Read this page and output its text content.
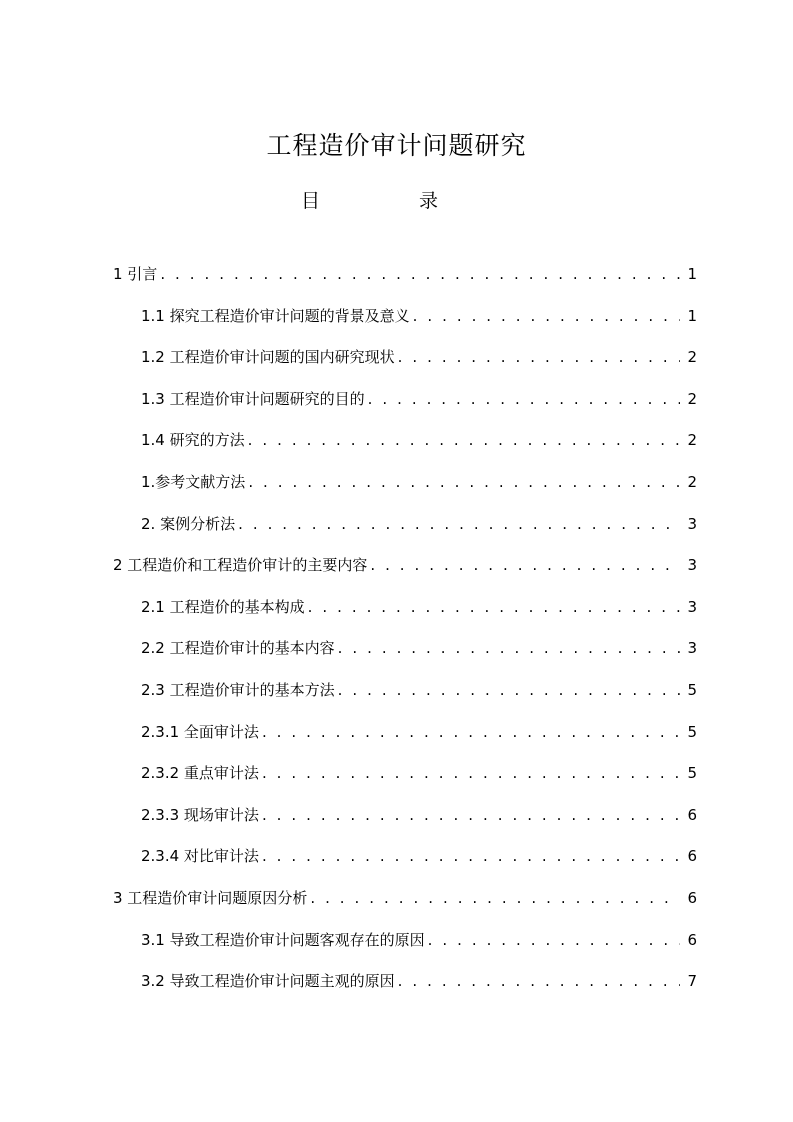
工程造价审计问题研究
目	录
1 引言 . . .	1
1.1 探究工程造价审计问题的背景及意义 . . .	1
1.2 工程造价审计问题的国内研究现状 . . .	2
1.3 工程造价审计问题研究的目的 . . .	2
1.4 研究的方法 . . .	2
1.参考文献方法 . . .	2
2. 案例分析法 . . .	3
2 工程造价和工程造价审计的主要内容 . . .	3
2.1 工程造价的基本构成 . . .	3
2.2 工程造价审计的基本内容 . . .	3
2.3 工程造价审计的基本方法 . . .	5
2.3.1 全面审计法 . . .	5
2.3.2 重点审计法 . . .	5
2.3.3 现场审计法 . . .	6
2.3.4 对比审计法 . . .	6
3 工程造价审计问题原因分析 . . .	6
3.1 导致工程造价审计问题客观存在的原因 . . .	6
3.2 导致工程造价审计问题主观的原因 . . .	7
